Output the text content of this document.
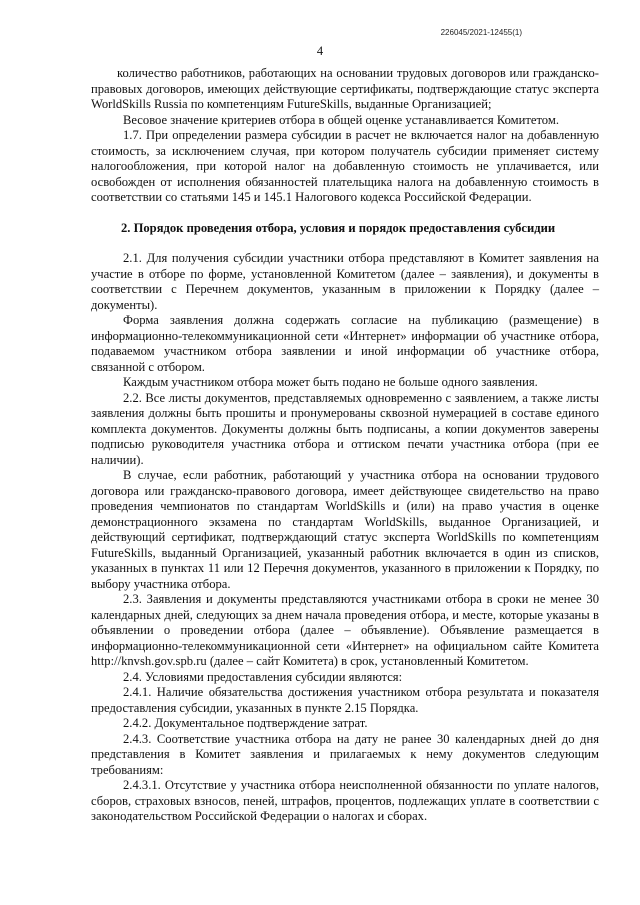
226045/2021-12455(1)
4

количество работников, работающих на основании трудовых договоров или гражданско-правовых договоров, имеющих действующие сертификаты, подтверждающие статус эксперта WorldSkills Russia по компетенциям FutureSkills, выданные Организацией;

Весовое значение критериев отбора в общей оценке устанавливается Комитетом.

1.7. При определении размера субсидии в расчет не включается налог на добавленную стоимость, за исключением случая, при котором получатель субсидии применяет систему налогообложения, при которой налог на добавленную стоимость не уплачивается, или освобожден от исполнения обязанностей плательщика налога на добавленную стоимость в соответствии со статьями 145 и 145.1 Налогового кодекса Российской Федерации.

2. Порядок проведения отбора, условия и порядок предоставления субсидии

2.1. Для получения субсидии участники отбора представляют в Комитет заявления на участие в отборе по форме, установленной Комитетом (далее – заявления), и документы в соответствии с Перечнем документов, указанным в приложении к Порядку (далее – документы).

Форма заявления должна содержать согласие на публикацию (размещение) в информационно-телекоммуникационной сети «Интернет» информации об участнике отбора, подаваемом участником отбора заявлении и иной информации об участнике отбора, связанной с отбором.

Каждым участником отбора может быть подано не больше одного заявления.

2.2. Все листы документов, представляемых одновременно с заявлением, а также листы заявления должны быть прошиты и пронумерованы сквозной нумерацией в составе единого комплекта документов. Документы должны быть подписаны, а копии документов заверены подписью руководителя участника отбора и оттиском печати участника отбора (при ее наличии).

В случае, если работник, работающий у участника отбора на основании трудового договора или гражданско-правового договора, имеет действующее свидетельство на право проведения чемпионатов по стандартам WorldSkills и (или) на право участия в оценке демонстрационного экзамена по стандартам WorldSkills, выданное Организацией, и действующий сертификат, подтверждающий статус эксперта WorldSkills по компетенциям FutureSkills, выданный Организацией, указанный работник включается в один из списков, указанных в пунктах 11 или 12 Перечня документов, указанного в приложении к Порядку, по выбору участника отбора.

2.3. Заявления и документы представляются участниками отбора в сроки не менее 30 календарных дней, следующих за днем начала проведения отбора, и месте, которые указаны в объявлении о проведении отбора (далее – объявление). Объявление размещается в информационно-телекоммуникационной сети «Интернет» на официальном сайте Комитета http://knvsh.gov.spb.ru (далее – сайт Комитета) в срок, установленный Комитетом.

2.4. Условиями предоставления субсидии являются:

2.4.1. Наличие обязательства достижения участником отбора результата и показателя предоставления субсидии, указанных в пункте 2.15 Порядка.

2.4.2. Документальное подтверждение затрат.

2.4.3. Соответствие участника отбора на дату не ранее 30 календарных дней до дня представления в Комитет заявления и прилагаемых к нему документов следующим требованиям:

2.4.3.1. Отсутствие у участника отбора неисполненной обязанности по уплате налогов, сборов, страховых взносов, пеней, штрафов, процентов, подлежащих уплате в соответствии с законодательством Российской Федерации о налогах и сборах.
